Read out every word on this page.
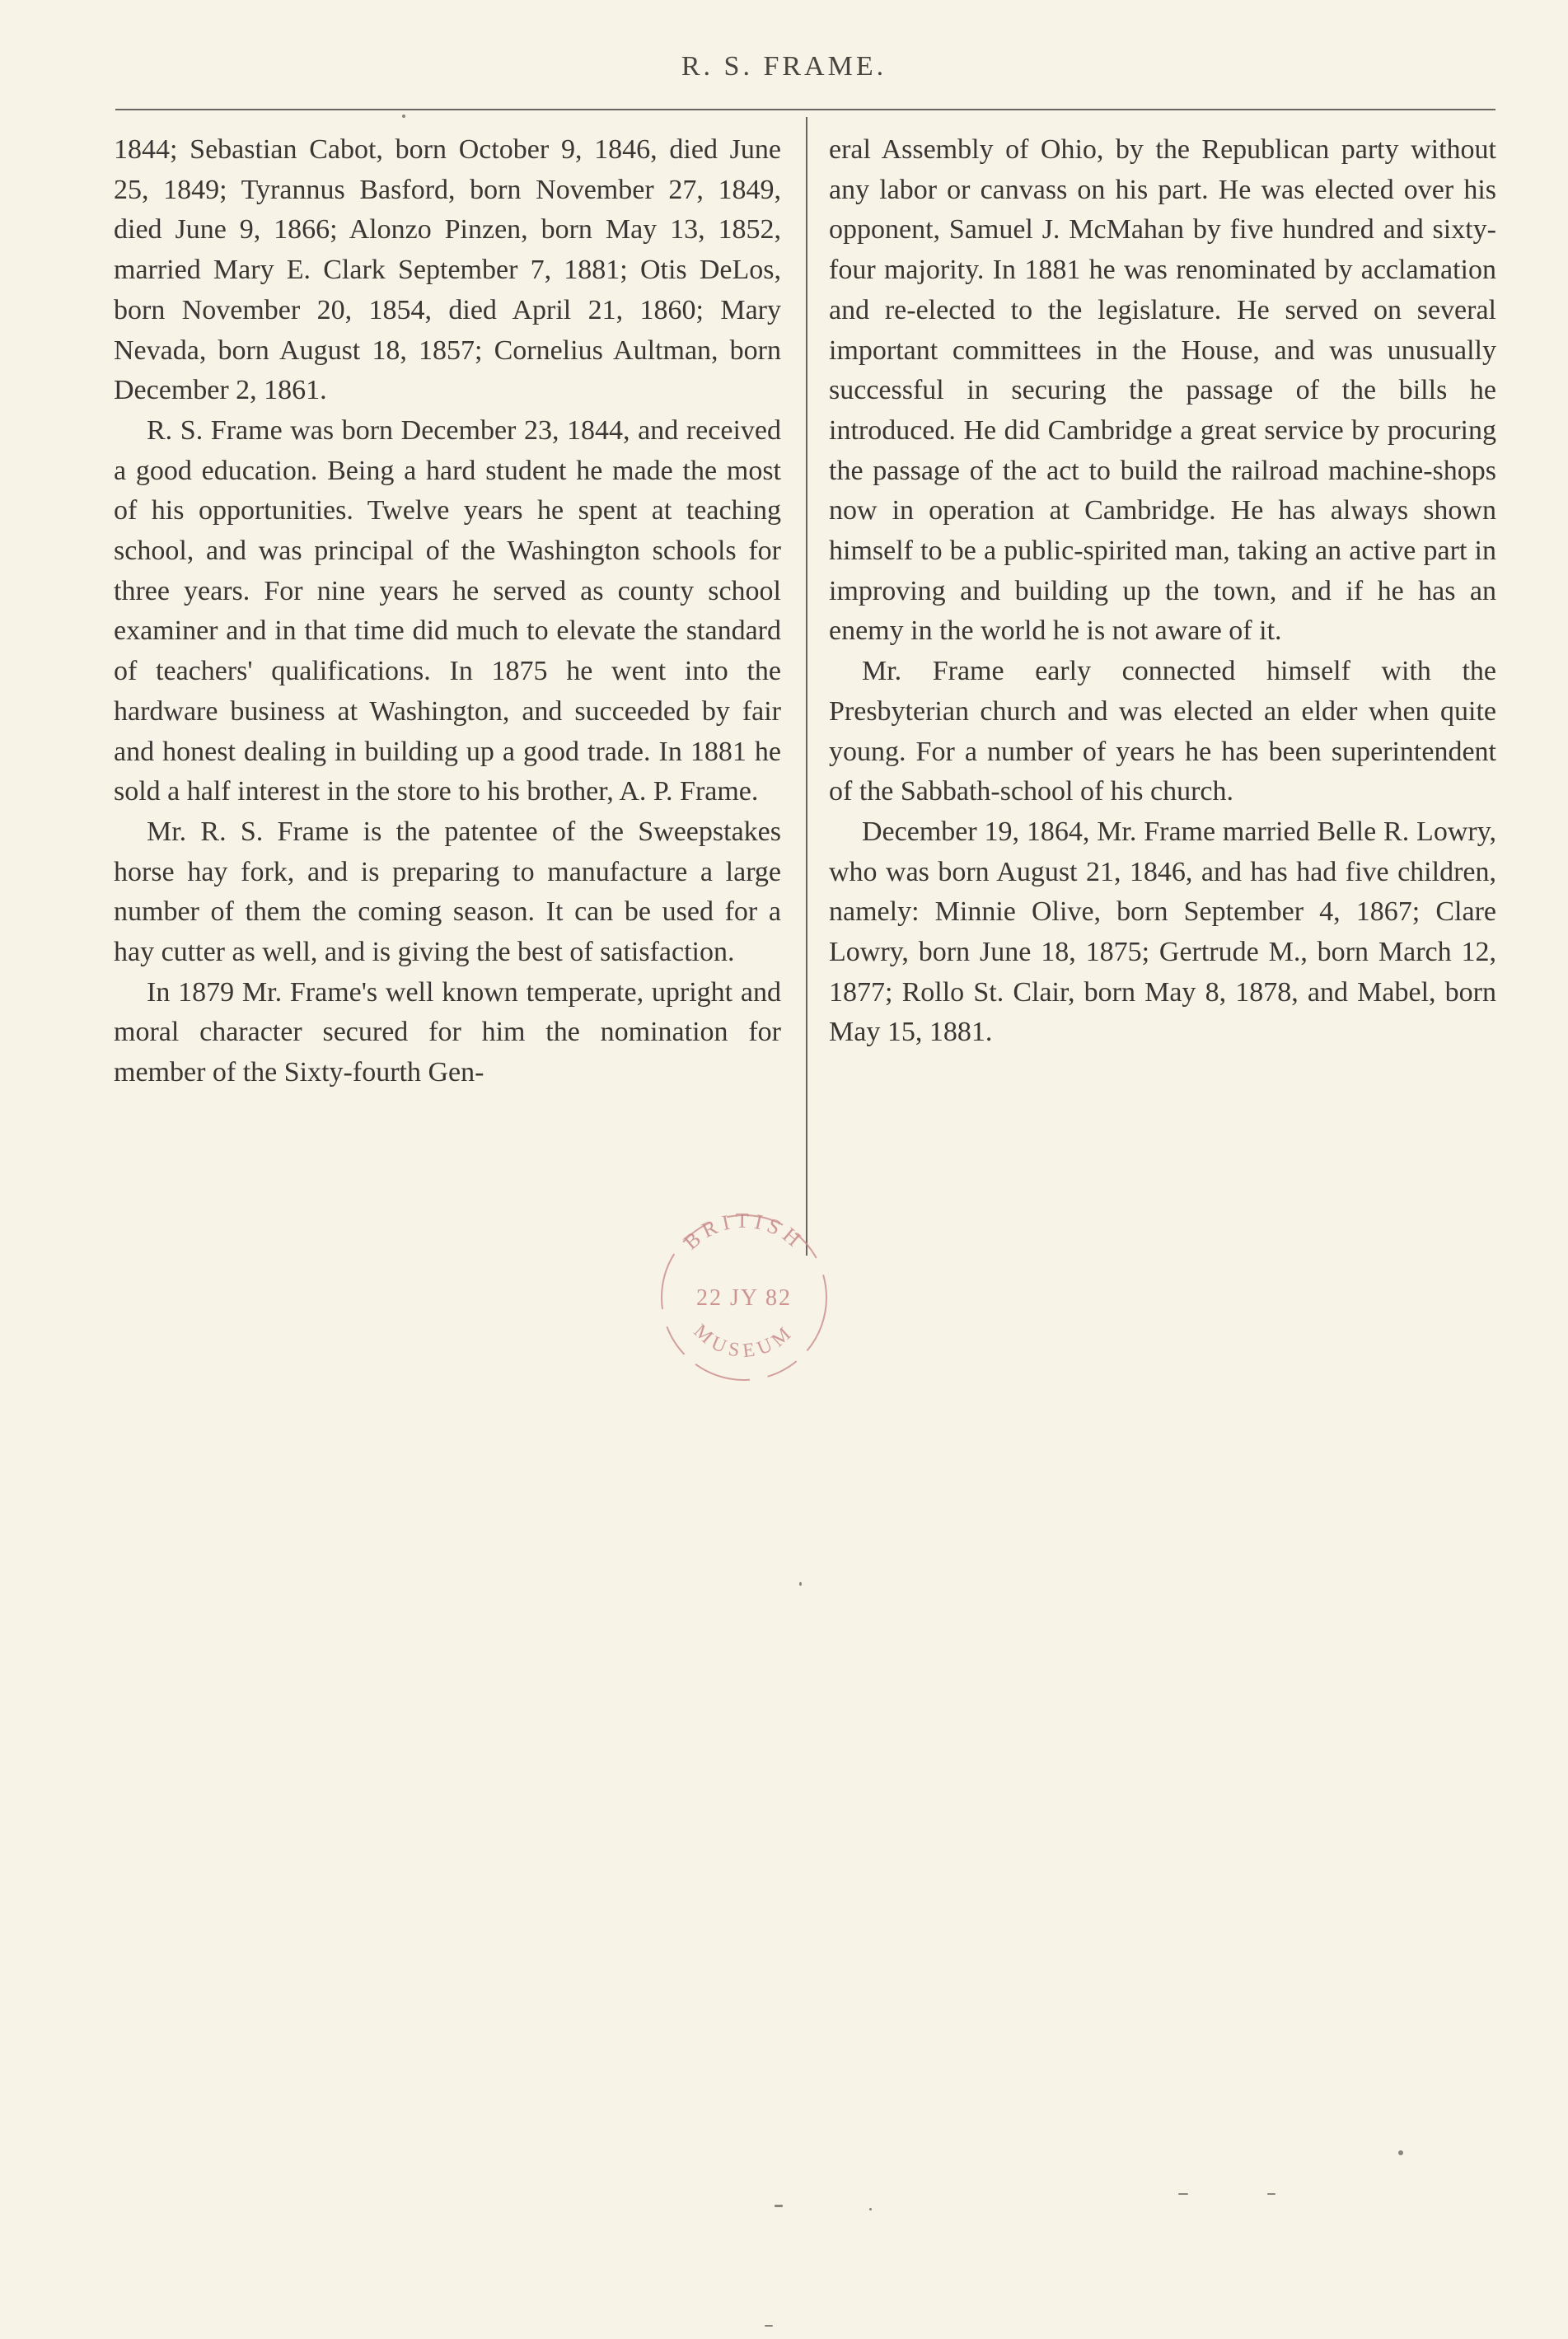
R. S. FRAME.

1844; Sebastian Cabot, born October 9, 1846, died June 25, 1849; Tyrannus Basford, born November 27, 1849, died June 9, 1866; Alonzo Pinzen, born May 13, 1852, married Mary E. Clark September 7, 1881; Otis DeLos, born November 20, 1854, died April 21, 1860; Mary Nevada, born August 18, 1857; Cornelius Aultman, born December 2, 1861.

R. S. Frame was born December 23, 1844, and received a good education. Being a hard student he made the most of his opportunities. Twelve years he spent at teaching school, and was principal of the Washington schools for three years. For nine years he served as county school examiner and in that time did much to elevate the standard of teachers' qualifications. In 1875 he went into the hardware business at Washington, and succeeded by fair and honest dealing in building up a good trade. In 1881 he sold a half interest in the store to his brother, A. P. Frame.

Mr. R. S. Frame is the patentee of the Sweepstakes horse hay fork, and is preparing to manufacture a large number of them the coming season. It can be used for a hay cutter as well, and is giving the best of satisfaction.

In 1879 Mr. Frame's well known temperate, upright and moral character secured for him the nomination for member of the Sixty-fourth Gen-

eral Assembly of Ohio, by the Republican party without any labor or canvass on his part. He was elected over his opponent, Samuel J. McMahan by five hundred and sixty-four majority. In 1881 he was renominated by acclamation and re-elected to the legislature. He served on several important committees in the House, and was unusually successful in securing the passage of the bills he introduced. He did Cambridge a great service by procuring the passage of the act to build the railroad machine-shops now in operation at Cambridge. He has always shown himself to be a public-spirited man, taking an active part in improving and building up the town, and if he has an enemy in the world he is not aware of it.

Mr. Frame early connected himself with the Presbyterian church and was elected an elder when quite young. For a number of years he has been superintendent of the Sabbath-school of his church.

December 19, 1864, Mr. Frame married Belle R. Lowry, who was born August 21, 1846, and has had five children, namely: Minnie Olive, born September 4, 1867; Clare Lowry, born June 18, 1875; Gertrude M., born March 12, 1877; Rollo St. Clair, born May 8, 1878, and Mabel, born May 15, 1881.

BRITISH
22 JY 82
MUSEUM
